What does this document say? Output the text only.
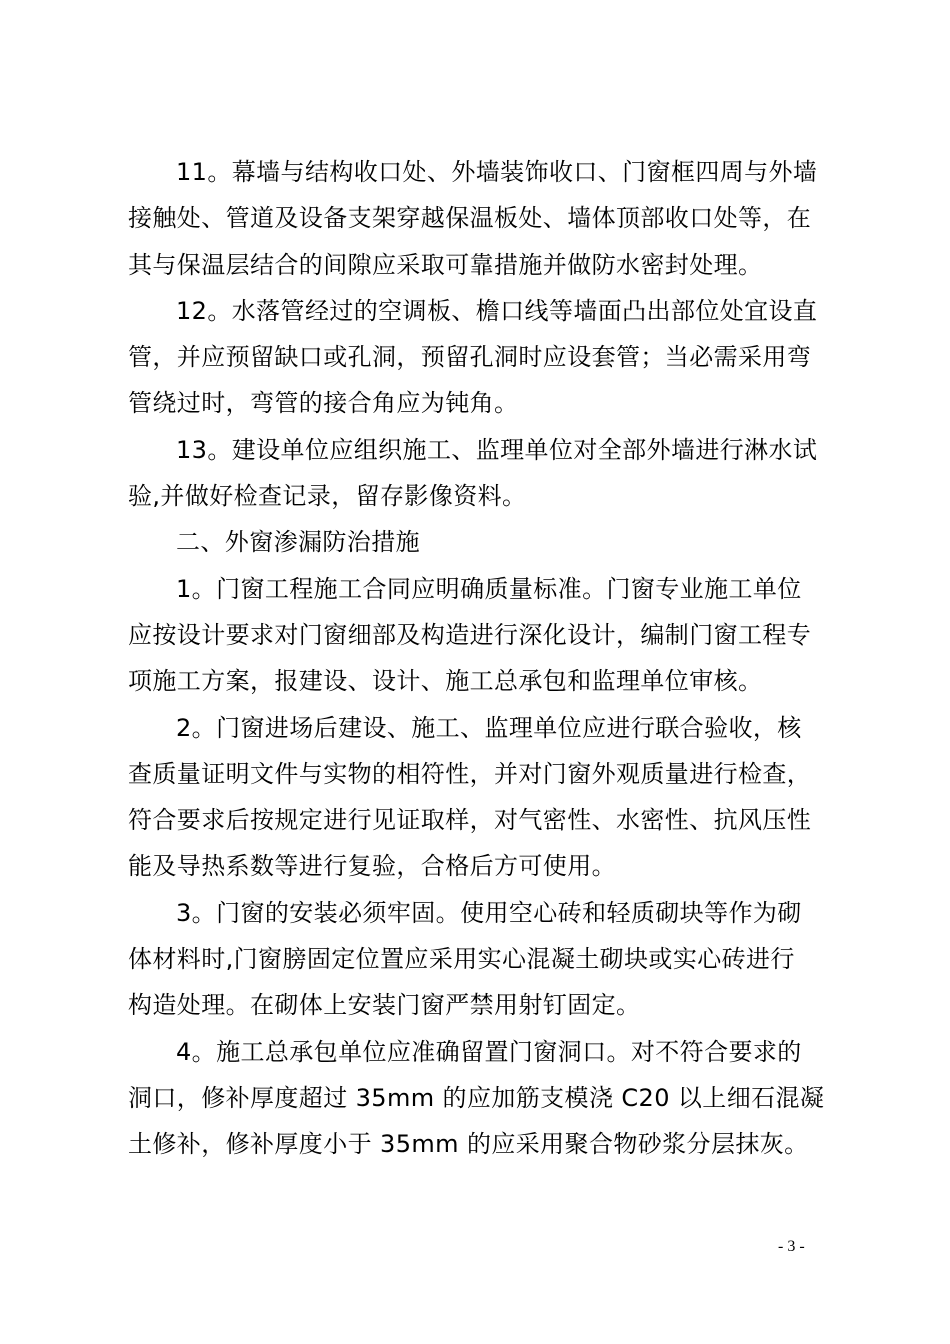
11。幕墙与结构收口处、外墙装饰收口、门窗框四周与外墙
接触处、管道及设备支架穿越保温板处、墙体顶部收口处等，在
其与保温层结合的间隙应采取可靠措施并做防水密封处理。
12。水落管经过的空调板、檐口线等墙面凸出部位处宜设直
管，并应预留缺口或孔洞，预留孔洞时应设套管；当必需采用弯
管绕过时，弯管的接合角应为钝角。
13。建设单位应组织施工、监理单位对全部外墙进行淋水试
验,并做好检查记录，留存影像资料。
二、外窗渗漏防治措施
1。门窗工程施工合同应明确质量标准。门窗专业施工单位
应按设计要求对门窗细部及构造进行深化设计，编制门窗工程专
项施工方案，报建设、设计、施工总承包和监理单位审核。
2。门窗进场后建设、施工、监理单位应进行联合验收，核
查质量证明文件与实物的相符性，并对门窗外观质量进行检查，
符合要求后按规定进行见证取样，对气密性、水密性、抗风压性
能及导热系数等进行复验，合格后方可使用。
3。门窗的安装必须牢固。使用空心砖和轻质砌块等作为砌
体材料时,门窗膀固定位置应采用实心混凝土砌块或实心砖进行
构造处理。在砌体上安装门窗严禁用射钉固定。
4。施工总承包单位应准确留置门窗洞口。对不符合要求的
洞口，修补厚度超过 35mm 的应加筋支模浇 C20 以上细石混凝
土修补，修补厚度小于 35mm 的应采用聚合物砂浆分层抹灰。
- 3 -
